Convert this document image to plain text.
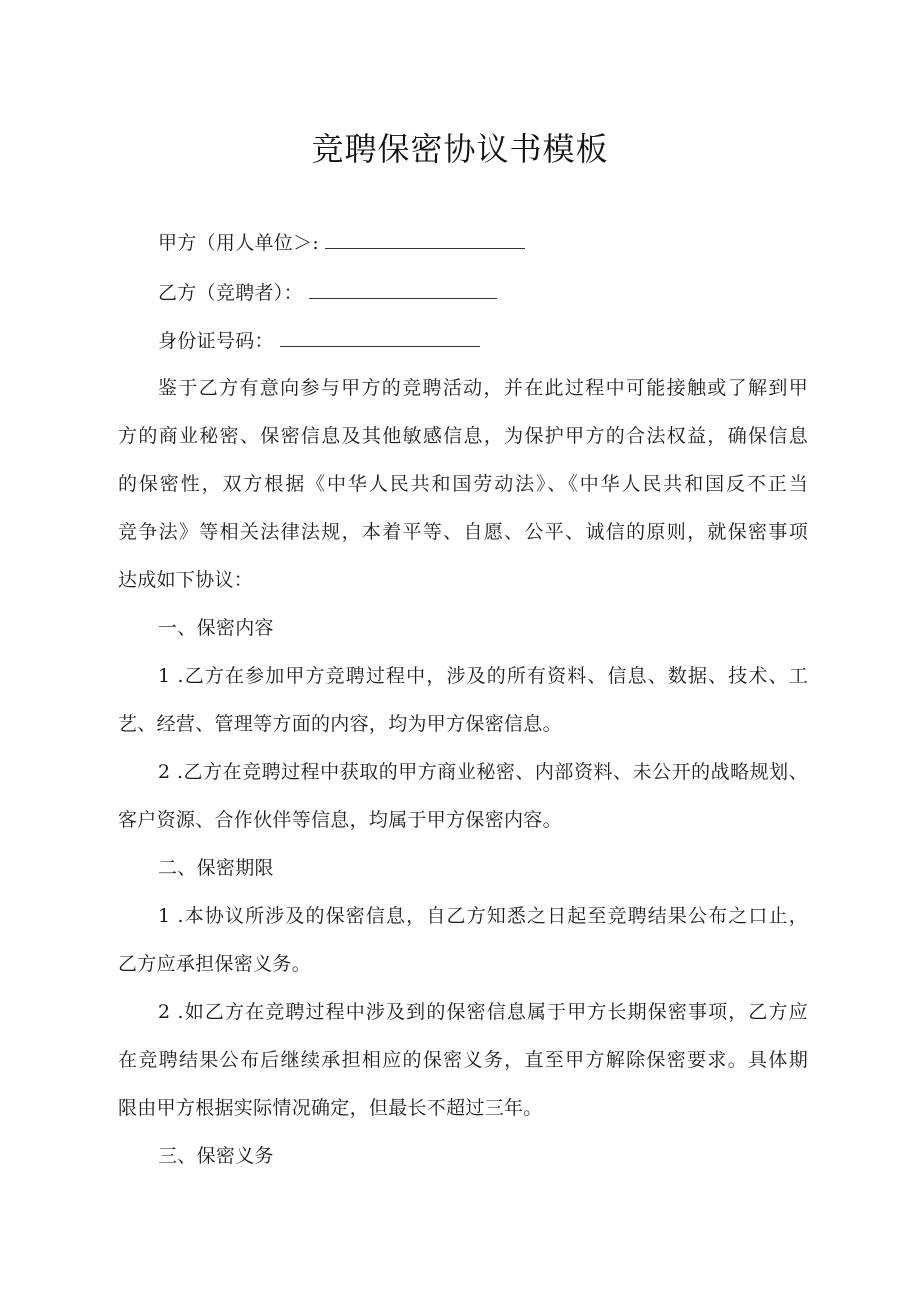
竞聘保密协议书模板
甲方（用人单位＞:
乙方（竞聘者）：
身份证号码：
鉴于乙方有意向参与甲方的竞聘活动，并在此过程中可能接触或了解到甲
方的商业秘密、保密信息及其他敏感信息，为保护甲方的合法权益，确保信息
的保密性，双方根据《中华人民共和国劳动法》、《中华人民共和国反不正当
竞争法》等相关法律法规，本着平等、自愿、公平、诚信的原则，就保密事项
达成如下协议：
一、保密内容
1 .乙方在参加甲方竞聘过程中，涉及的所有资料、信息、数据、技术、工
艺、经营、管理等方面的内容，均为甲方保密信息。
2 .乙方在竞聘过程中获取的甲方商业秘密、内部资料、未公开的战略规划、
客户资源、合作伙伴等信息，均属于甲方保密内容。
二、保密期限
1 .本协议所涉及的保密信息，自乙方知悉之日起至竞聘结果公布之口止，
乙方应承担保密义务。
2 .如乙方在竞聘过程中涉及到的保密信息属于甲方长期保密事项，乙方应
在竞聘结果公布后继续承担相应的保密义务，直至甲方解除保密要求。具体期
限由甲方根据实际情况确定，但最长不超过三年。
三、保密义务
